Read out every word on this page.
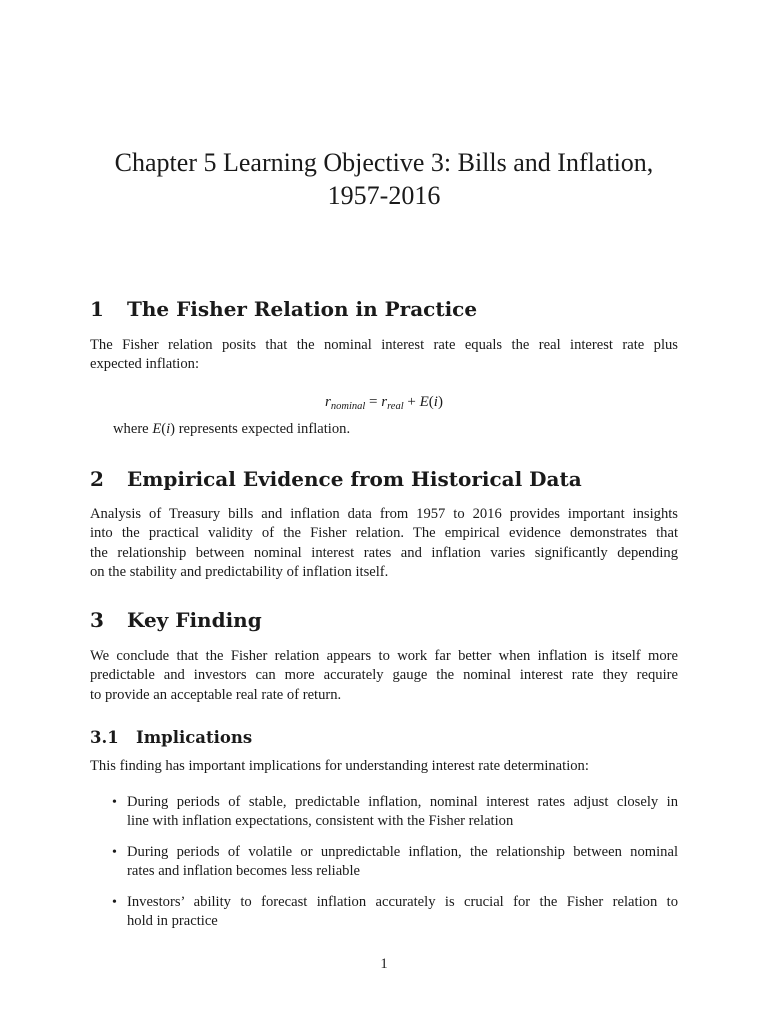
Chapter 5 Learning Objective 3: Bills and Inflation,
1957-2016
1 The Fisher Relation in Practice

The Fisher relation posits that the nominal interest rate equals the real interest rate plus
expected inflation:

$r_{nominal} = r_{real} + E(i)$

where E(i) represents expected inflation.

2 Empirical Evidence from Historical Data

Analysis of Treasury bills and inflation data from 1957 to 2016 provides important insights
into the practical validity of the Fisher relation. The empirical evidence demonstrates that
the relationship between nominal interest rates and inflation varies significantly depending
on the stability and predictability of inflation itself.

3 Key Finding

We conclude that the Fisher relation appears to work far better when inflation is itself more
predictable and investors can more accurately gauge the nominal interest rate they require
to provide an acceptable real rate of return.

3.1 Implications

This finding has important implications for understanding interest rate determination:

• During periods of stable, predictable inflation, nominal interest rates adjust closely in
line with inflation expectations, consistent with the Fisher relation
• During periods of volatile or unpredictable inflation, the relationship between nominal
rates and inflation becomes less reliable
• Investors’ ability to forecast inflation accurately is crucial for the Fisher relation to
hold in practice

1
